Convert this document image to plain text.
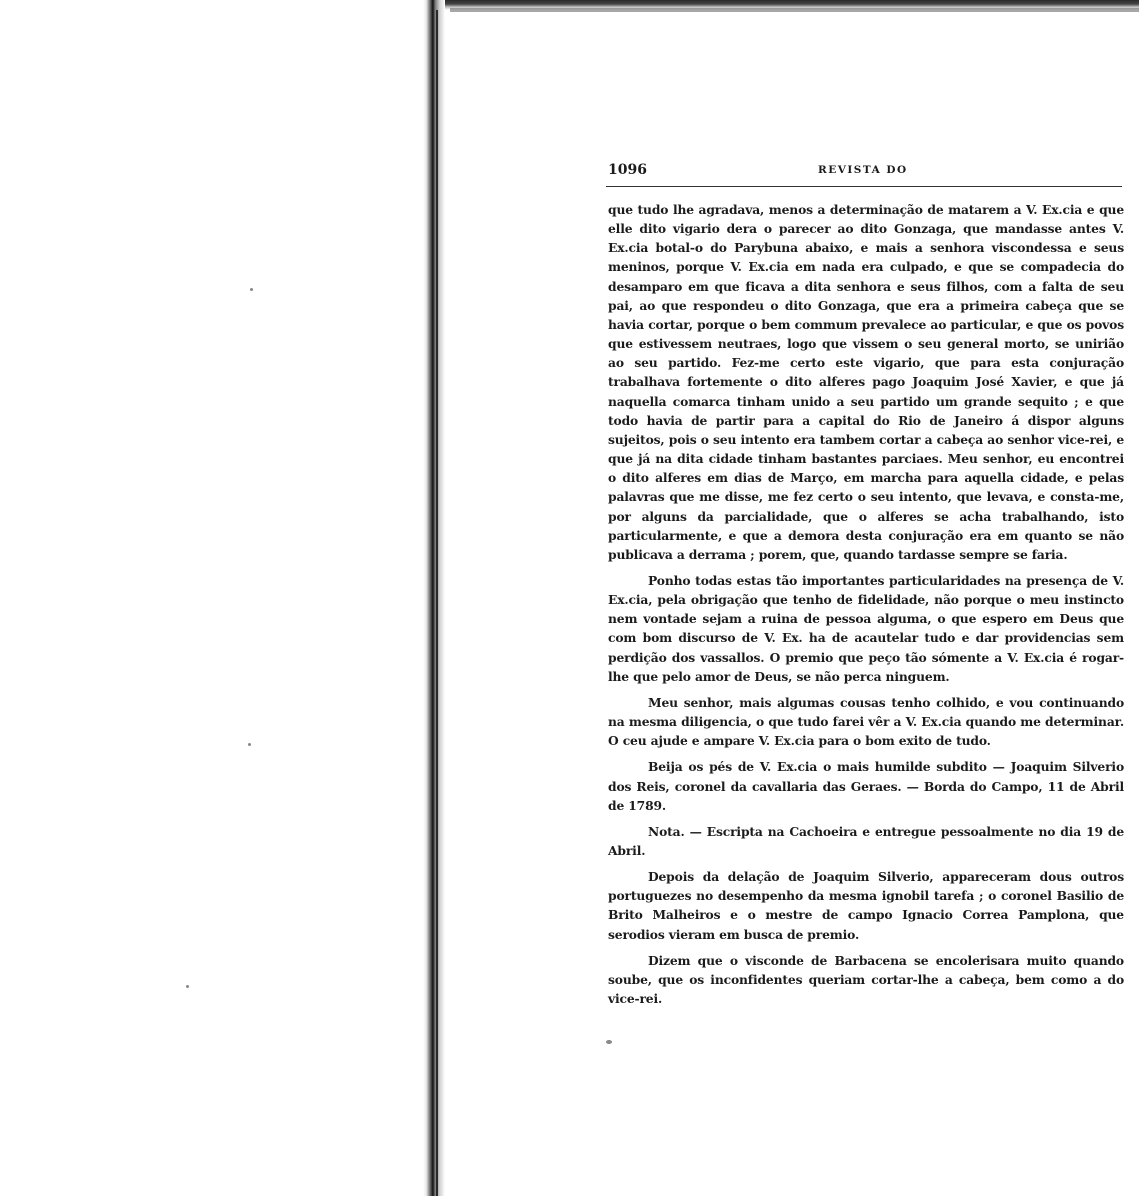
1096	REVISTA DO

que tudo lhe agradava, menos a determinação de matarem a V. Ex.cia e que elle dito vigario dera o parecer ao dito Gonzaga, que mandasse antes V. Ex.cia botal-o do Parybuna abaixo, e mais a senhora viscondessa e seus meninos, porque V. Ex.cia em nada era culpado, e que se compadecia do desamparo em que ficava a dita senhora e seus filhos, com a falta de seu pai, ao que respondeu o dito Gonzaga, que era a primeira cabeça que se havia cortar, porque o bem commum prevalece ao particular, e que os povos que estivessem neutraes, logo que vissem o seu general morto, se unirião ao seu partido. Fez-me certo este vigario, que para esta conjuração trabalhava fortemente o dito alferes pago Joaquim José Xavier, e que já naquella comarca tinham unido a seu partido um grande sequito ; e que todo havia de partir para a capital do Rio de Janeiro á dispor alguns sujeitos, pois o seu intento era tambem cortar a cabeça ao senhor vice-rei, e que já na dita cidade tinham bastantes parciaes. Meu senhor, eu encontrei o dito alferes em dias de Março, em marcha para aquella cidade, e pelas palavras que me disse, me fez certo o seu intento, que levava, e consta-me, por alguns da parcialidade, que o alferes se acha trabalhando, isto particularmente, e que a demora desta conjuração era em quanto se não publicava a derrama ; porem, que, quando tardasse sempre se faria.

Ponho todas estas tão importantes particularidades na presença de V. Ex.cia, pela obrigação que tenho de fidelidade, não porque o meu instincto nem vontade sejam a ruina de pessoa alguma, o que espero em Deus que com bom discurso de V. Ex. ha de acautelar tudo e dar providencias sem perdição dos vassallos. O premio que peço tão sómente a V. Ex.cia é rogar-lhe que pelo amor de Deus, se não perca ninguem.

Meu senhor, mais algumas cousas tenho colhido, e vou continuando na mesma diligencia, o que tudo farei vêr a V. Ex.cia quando me determinar. O ceu ajude e ampare V. Ex.cia para o bom exito de tudo.

Beija os pés de V. Ex.cia o mais humilde subdito — Joaquim Silverio dos Reis, coronel da cavallaria das Geraes. — Borda do Campo, 11 de Abril de 1789.

Nota. — Escripta na Cachoeira e entregue pessoalmente no dia 19 de Abril.

Depois da delação de Joaquim Silverio, appareceram dous outros portuguezes no desempenho da mesma ignobil tarefa ; o coronel Basilio de Brito Malheiros e o mestre de campo Ignacio Correa Pamplona, que serodios vieram em busca de premio.

Dizem que o visconde de Barbacena se encolerisara muito quando soube, que os inconfidentes queriam cortar-lhe a cabeça, bem como a do vice-rei.
